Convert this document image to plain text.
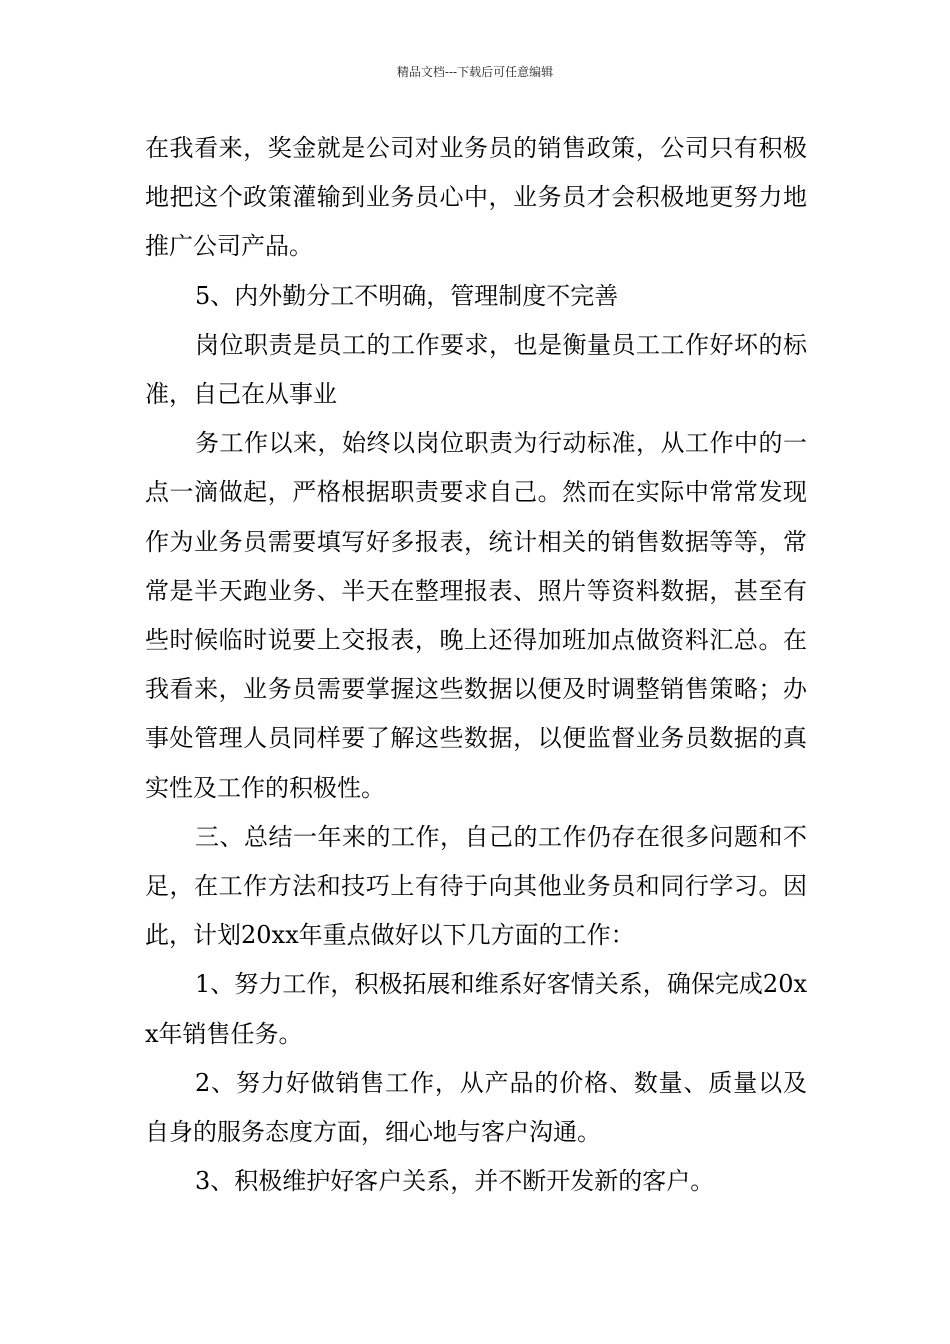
精品文档---下载后可任意编辑

在我看来，奖金就是公司对业务员的销售政策，公司只有积极地把这个政策灌输到业务员心中，业务员才会积极地更努力地推广公司产品。

5、内外勤分工不明确，管理制度不完善

岗位职责是员工的工作要求，也是衡量员工工作好坏的标准，自己在从事业

务工作以来，始终以岗位职责为行动标准，从工作中的一点一滴做起，严格根据职责要求自己。然而在实际中常常发现作为业务员需要填写好多报表，统计相关的销售数据等等，常常是半天跑业务、半天在整理报表、照片等资料数据，甚至有些时候临时说要上交报表，晚上还得加班加点做资料汇总。在我看来，业务员需要掌握这些数据以便及时调整销售策略；办事处管理人员同样要了解这些数据，以便监督业务员数据的真实性及工作的积极性。

三、总结一年来的工作，自己的工作仍存在很多问题和不足，在工作方法和技巧上有待于向其他业务员和同行学习。因此，计划20xx年重点做好以下几方面的工作：

1、努力工作，积极拓展和维系好客情关系，确保完成20xx年销售任务。

2、努力好做销售工作，从产品的价格、数量、质量以及自身的服务态度方面，细心地与客户沟通。

3、积极维护好客户关系，并不断开发新的客户。
